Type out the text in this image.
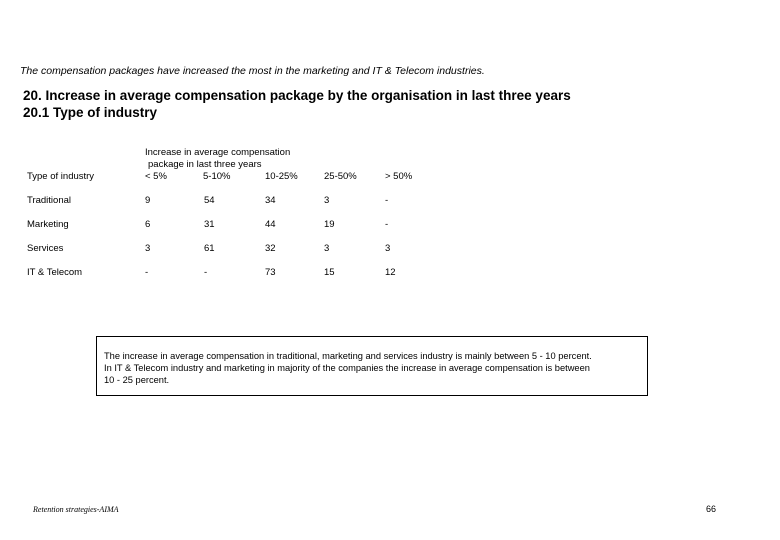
The compensation packages have increased the most in the marketing and IT & Telecom industries.
20. Increase in average compensation package by the organisation in last three years
20.1 Type of industry
Increase in average compensation
package in last three years
Type of industry	< 5%	5-10%	10-25%	25-50%	> 50%
Traditional	9	54	34	3	-
Marketing	6	31	44	19	-
Services	3	61	32	3	3
IT & Telecom	-	-	73	15	12
The increase in average compensation in traditional, marketing and services industry is mainly between 5 - 10 percent.
In IT & Telecom industry and marketing in majority of the companies the increase in average compensation is between
10 - 25 percent.
Retention strategies-AIMA	66
